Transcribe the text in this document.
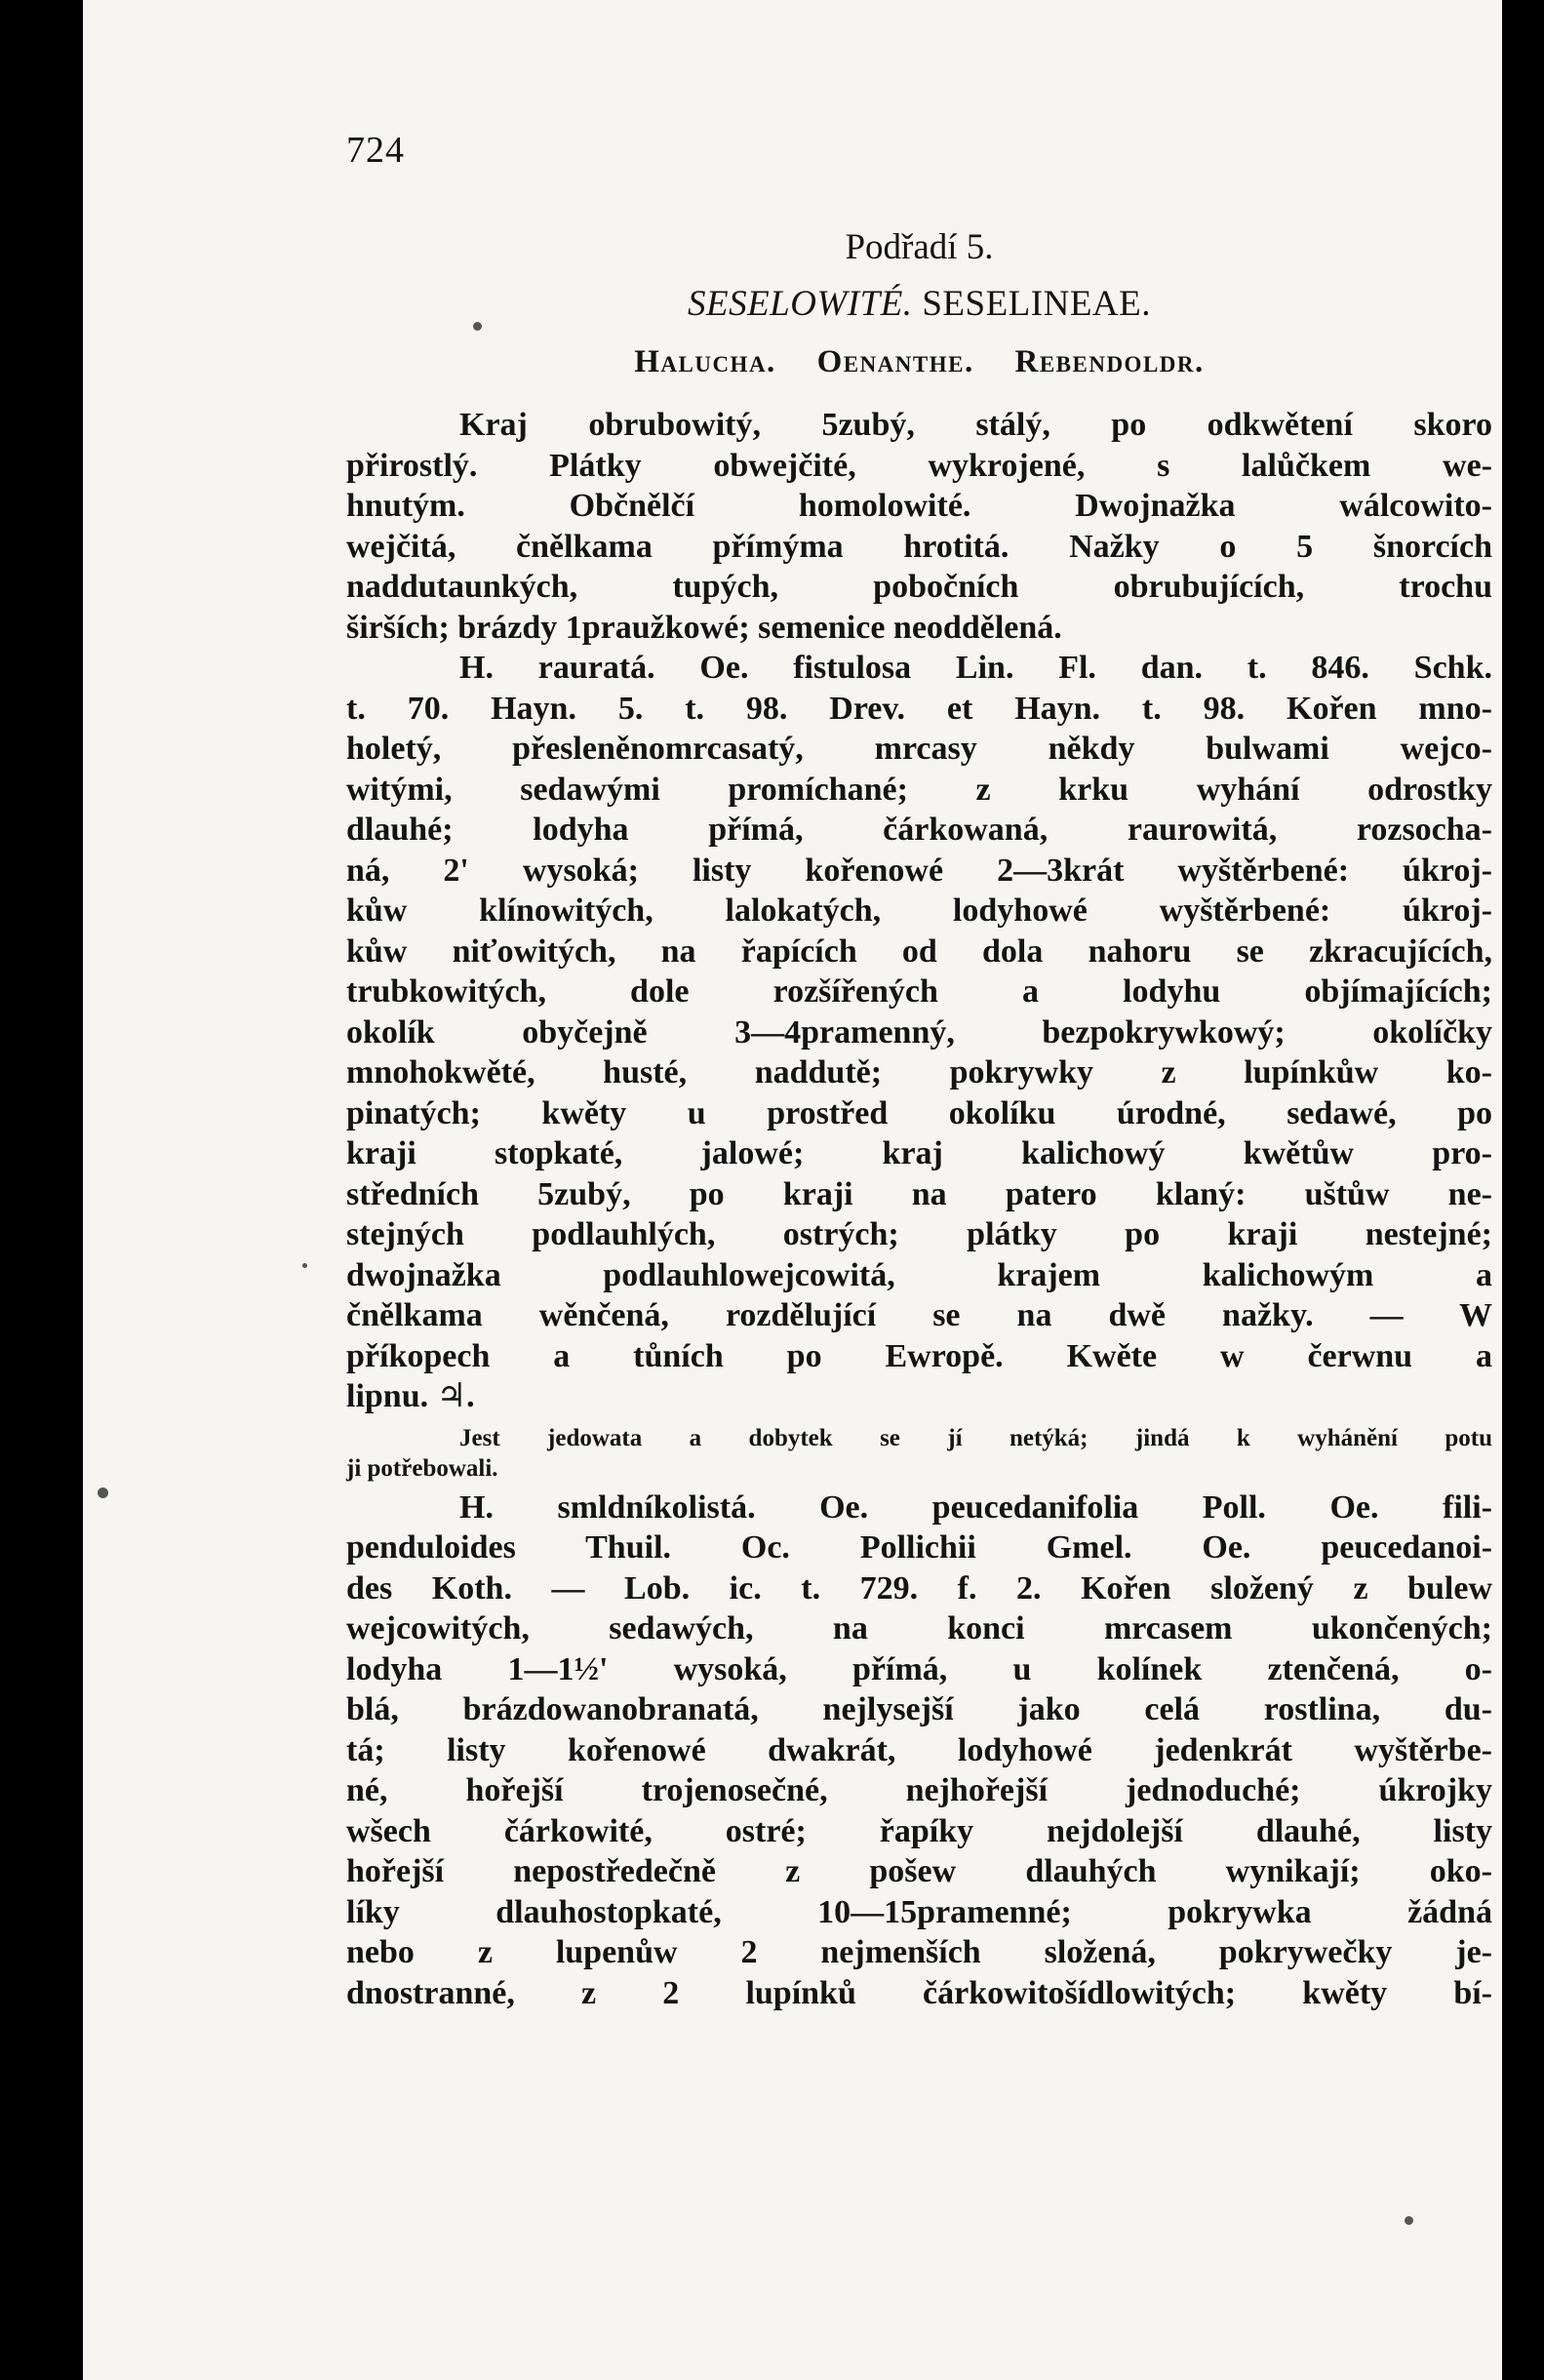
724
Podřadí 5.
SESELOWITÉ. SESELINEAE.
Halucha. Oenanthe. Rebendoldr.

Kraj obrubowitý, 5zubý, stálý, po odkwětení skoro

přirostlý. Plátky obwejčité, wykrojené, s lalůčkem we-

hnutým. Občnělčí homolowité. Dwojnažka wálcowito-

wejčitá, čnělkama přímýma hrotitá. Nažky o 5 šnorcích

naddutaunkých, tupých, pobočních obrubujících, trochu

širších; brázdy 1praužkowé; semenice neoddělená.

H. rauratá. Oe. fistulosa Lin. Fl. dan. t. 846. Schk.

t. 70. Hayn. 5. t. 98. Drev. et Hayn. t. 98. Kořen mno-

holetý, přesleněnomrcasatý, mrcasy někdy bulwami wejco-

witými, sedawými promíchané; z krku wyhání odrostky

dlauhé; lodyha přímá, čárkowaná, raurowitá, rozsocha-

ná, 2' wysoká; listy kořenowé 2—3krát wyštěrbené: úkroj-

kůw klínowitých, lalokatých, lodyhowé wyštěrbené: úkroj-

kůw niťowitých, na řapících od dola nahoru se zkracujících,

trubkowitých, dole rozšířených a lodyhu objímajících;

okolík obyčejně 3—4pramenný, bezpokrywkowý; okolíčky

mnohokwěté, husté, naddutě; pokrywky z lupínkůw ko-

pinatých; kwěty u prostřed okolíku úrodné, sedawé, po

kraji stopkaté, jalowé; kraj kalichowý kwětůw pro-

středních 5zubý, po kraji na patero klaný: uštůw ne-

stejných podlauhlých, ostrých; plátky po kraji nestejné;

dwojnažka podlauhlowejcowitá, krajem kalichowým a

čnělkama wěnčená, rozdělující se na dwě nažky. — W

příkopech a tůních po Ewropě. Kwěte w čerwnu a

lipnu. ♃.

Jest jedowata a dobytek se jí netýká; jindá k wyhánění potu
ji potřebowali.

H. smldníkolistá. Oe. peucedanifolia Poll. Oe. fili-

penduloides Thuil. Oc. Pollichii Gmel. Oe. peucedanoi-

des Koth. — Lob. ic. t. 729. f. 2. Kořen složený z bulew

wejcowitých, sedawých, na konci mrcasem ukončených;

lodyha 1—1½' wysoká, přímá, u kolínek ztenčená, o-

blá, brázdowanobranatá, nejlysejší jako celá rostlina, du-

tá; listy kořenowé dwakrát, lodyhowé jedenkrát wyštěrbe-

né, hořejší trojenosečné, nejhořejší jednoduché; úkrojky

wšech čárkowité, ostré; řapíky nejdolejší dlauhé, listy

hořejší nepostředečně z pošew dlauhých wynikají; oko-

líky dlauhostopkaté, 10—15pramenné; pokrywka žádná

nebo z lupenůw 2 nejmenších složená, pokrywečky je-

dnostranné, z 2 lupínků čárkowitošídlowitých; kwěty bí-
